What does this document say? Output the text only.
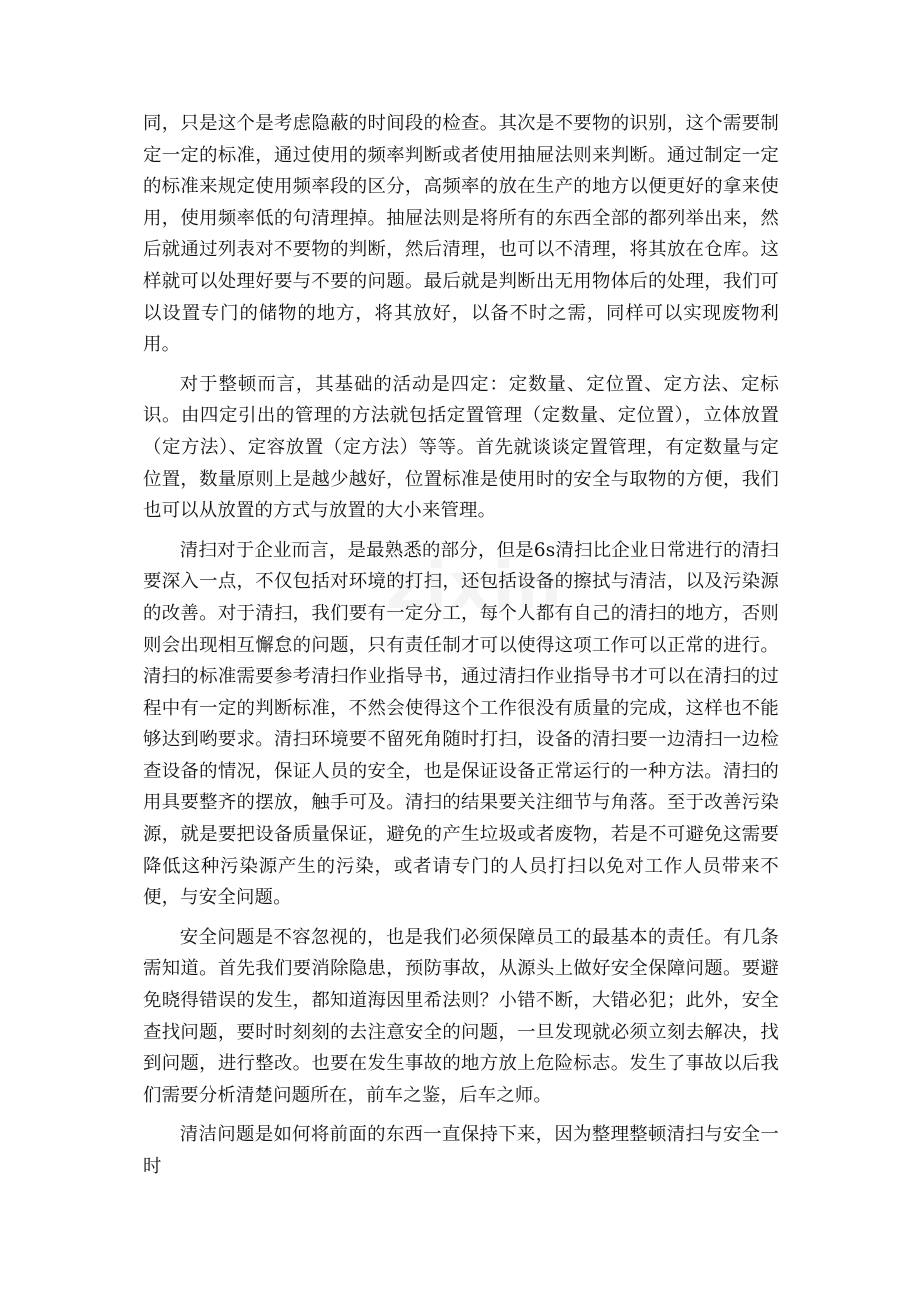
同，只是这个是考虑隐蔽的时间段的检查。其次是不要物的识别，这个需要制定一定的标准，通过使用的频率判断或者使用抽屉法则来判断。通过制定一定的标准来规定使用频率段的区分，高频率的放在生产的地方以便更好的拿来使用，使用频率低的句清理掉。抽屉法则是将所有的东西全部的都列举出来，然后就通过列表对不要物的判断，然后清理，也可以不清理，将其放在仓库。这样就可以处理好要与不要的问题。最后就是判断出无用物体后的处理，我们可以设置专门的储物的地方，将其放好，以备不时之需，同样可以实现废物利用。

对于整顿而言，其基础的活动是四定：定数量、定位置、定方法、定标识。由四定引出的管理的方法就包括定置管理（定数量、定位置），立体放置（定方法）、定容放置（定方法）等等。首先就谈谈定置管理，有定数量与定位置，数量原则上是越少越好，位置标准是使用时的安全与取物的方便，我们也可以从放置的方式与放置的大小来管理。

清扫对于企业而言，是最熟悉的部分，但是6s清扫比企业日常进行的清扫要深入一点，不仅包括对环境的打扫，还包括设备的擦拭与清洁，以及污染源的改善。对于清扫，我们要有一定分工，每个人都有自己的清扫的地方，否则则会出现相互懈怠的问题，只有责任制才可以使得这项工作可以正常的进行。清扫的标准需要参考清扫作业指导书，通过清扫作业指导书才可以在清扫的过程中有一定的判断标准，不然会使得这个工作很没有质量的完成，这样也不能够达到哟要求。清扫环境要不留死角随时打扫，设备的清扫要一边清扫一边检查设备的情况，保证人员的安全，也是保证设备正常运行的一种方法。清扫的用具要整齐的摆放，触手可及。清扫的结果要关注细节与角落。至于改善污染源，就是要把设备质量保证，避免的产生垃圾或者废物，若是不可避免这需要降低这种污染源产生的污染，或者请专门的人员打扫以免对工作人员带来不便，与安全问题。

安全问题是不容忽视的，也是我们必须保障员工的最基本的责任。有几条需知道。首先我们要消除隐患，预防事故，从源头上做好安全保障问题。要避免晓得错误的发生，都知道海因里希法则？小错不断，大错必犯；此外，安全查找问题，要时时刻刻的去注意安全的问题，一旦发现就必须立刻去解决，找到问题，进行整改。也要在发生事故的地方放上危险标志。发生了事故以后我们需要分析清楚问题所在，前车之鉴，后车之师。

清洁问题是如何将前面的东西一直保持下来，因为整理整顿清扫与安全一时
